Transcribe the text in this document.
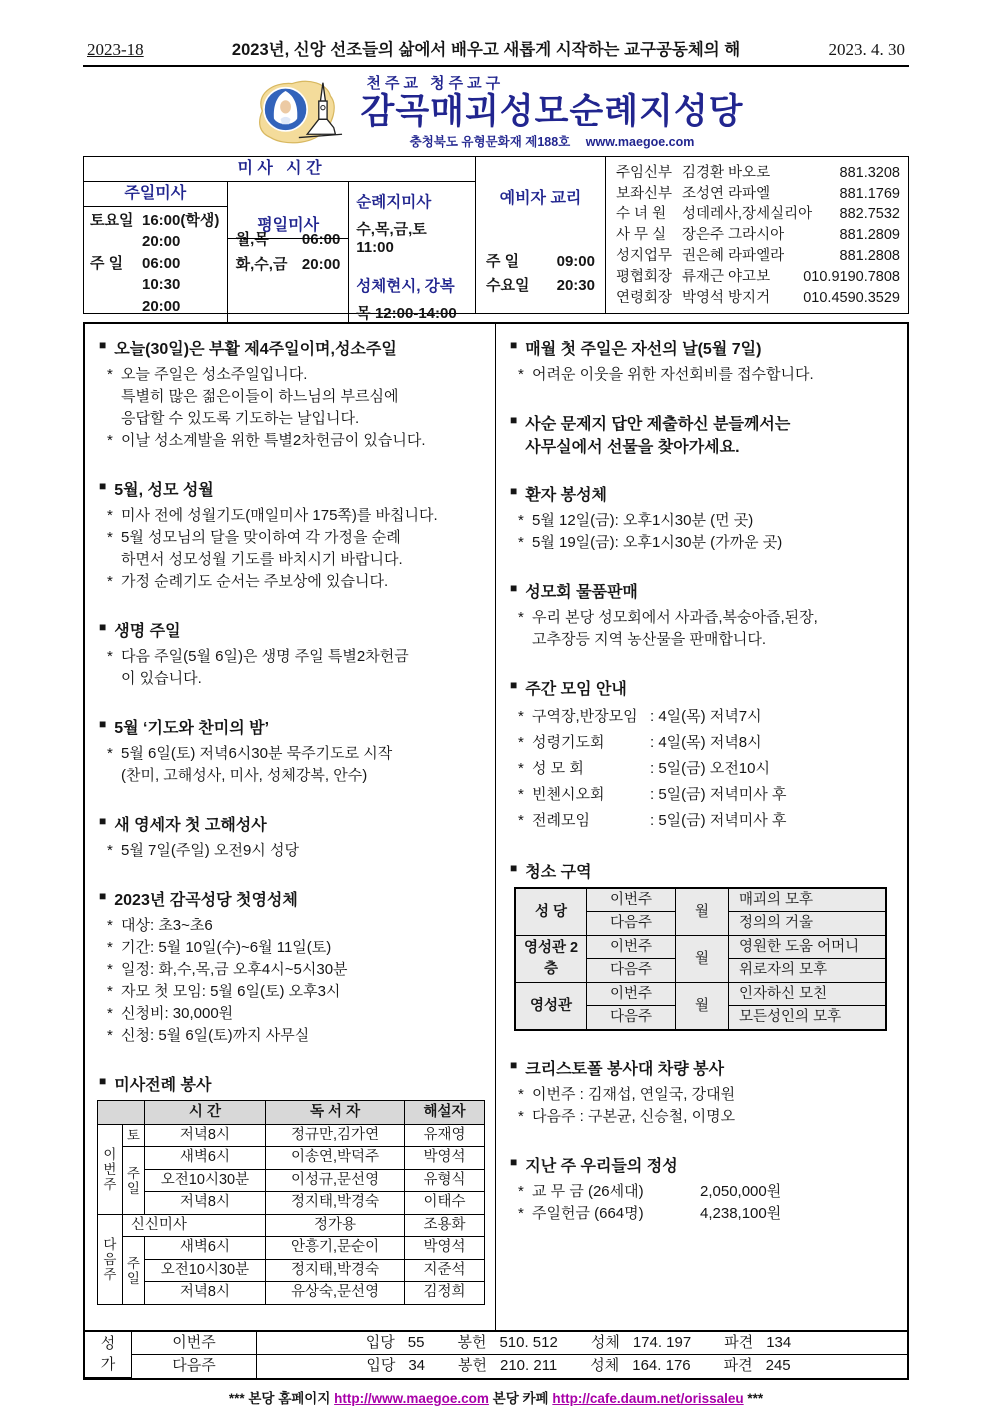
2023-18	2023년, 신앙 선조들의 삶에서 배우고 새롭게 시작하는 교구공동체의 해	2023. 4. 30
천주교 청주교구
감곡매괴성모순례지성당
충청북도 유형문화재 제188호 www.maegoe.com
미 사   시 간
주일미사
토요일 16:00(학생)
20:00
주 일	06:00
10:30
20:00
평일미사
월,목 06:00
화,수,금 20:00
순례지미사
수,목,금,토 11:00
성체현시, 강복
목 12:00-14:00
예비자 교리
주 일 09:00
수요일 20:30
주임신부 김경환 바오로	881.3208
보좌신부 조성연 라파엘	881.1769
수 녀 원	성데레사,장세실리아	882.7532
사 무 실	장은주 그라시아	881.2809
성지업무 권은혜 라파엘라	881.2808
평협회장 류재근 야고보	010.9190.7808
연령회장 박영석 방지거	010.4590.3529
■ 오늘(30일)은 부활 제4주일이며,성소주일
* 오늘 주일은 성소주일입니다.
특별히 많은 젊은이들이 하느님의 부르심에
응답할 수 있도록 기도하는 날입니다.
* 이날 성소계발을 위한 특별2차헌금이 있습니다.
■ 5월, 성모 성월
* 미사 전에 성월기도(매일미사 175쪽)를 바칩니다.
* 5월 성모님의 달을 맞이하여 각 가정을 순례
하면서 성모성월 기도를 바치시기 바랍니다.
* 가정 순례기도 순서는 주보상에 있습니다.
■ 생명 주일
* 다음 주일(5월 6일)은 생명 주일 특별2차헌금
이 있습니다.
■ 5월 ‘기도와 찬미의 밤’
* 5월 6일(토) 저녁6시30분 묵주기도로 시작
(찬미, 고해성사, 미사, 성체강복, 안수)
■ 새 영세자 첫 고해성사
* 5월 7일(주일) 오전9시 성당
■ 2023년 감곡성당 첫영성체
* 대상: 초3~초6
* 기간: 5월 10일(수)~6월 11일(토)
* 일정: 화,수,목,금 오후4시~5시30분
* 자모 첫 모임: 5월 6일(토) 오후3시
* 신청비: 30,000원
* 신청: 5월 6일(토)까지 사무실
■ 미사전례 봉사
		시 간	독 서 자	해설자
이번주	토	저녁8시	정규만,김가연	유재영
	주일	새벽6시	이송연,박덕주	박영석
		오전10시30분	이성규,문선영	유형식
		저녁8시	정지태,박경숙	이태수
다음주	신신미사		정가용	조용화
	주일	새벽6시	안흥기,문순이	박영석
		오전10시30분	정지태,박경숙	지준석
		저녁8시	유상숙,문선영	김정희
■ 매월 첫 주일은 자선의 날(5월 7일)
* 어려운 이웃을 위한 자선회비를 접수합니다.
■ 사순 문제지 답안 제출하신 분들께서는
사무실에서 선물을 찾아가세요.
■ 환자 봉성체
* 5월 12일(금): 오후1시30분 (먼 곳)
* 5월 19일(금): 오후1시30분 (가까운 곳)
■ 성모회 물품판매
* 우리 본당 성모회에서 사과즙,복숭아즙,된장,
고추장등 지역 농산물을 판매합니다.
■ 주간 모임 안내
* 구역장,반장모임 : 4일(목) 저녁7시
* 성령기도회	: 4일(목) 저녁8시
* 성 모 회	: 5일(금) 오전10시
* 빈첸시오회	: 5일(금) 저녁미사 후
* 전례모임	: 5일(금) 저녁미사 후
■ 청소 구역
성 당	이번주	월	매괴의 모후
	다음주		정의의 거울
영성관 2층	이번주	월	영원한 도움 어머니
	다음주		위로자의 모후
영성관	이번주	월	인자하신 모친
	다음주		모든성인의 모후
■ 크리스토폴 봉사대 차량 봉사
* 이번주 : 김재섭, 연일국, 강대원
* 다음주 : 구본균, 신승철, 이명오
■ 지난 주 우리들의 정성
* 교 무 금 (26세대)	2,050,000원
* 주일헌금 (664명)	4,238,100원
성가	이번주	입당 55 봉헌 510. 512 성체 174. 197 파견 134
	다음주	입당 34 봉헌 210. 211 성체 164. 176 파견 245
*** 본당 홈페이지 http://www.maegoe.com 본당 카페 http://cafe.daum.net/orissaleu ***
